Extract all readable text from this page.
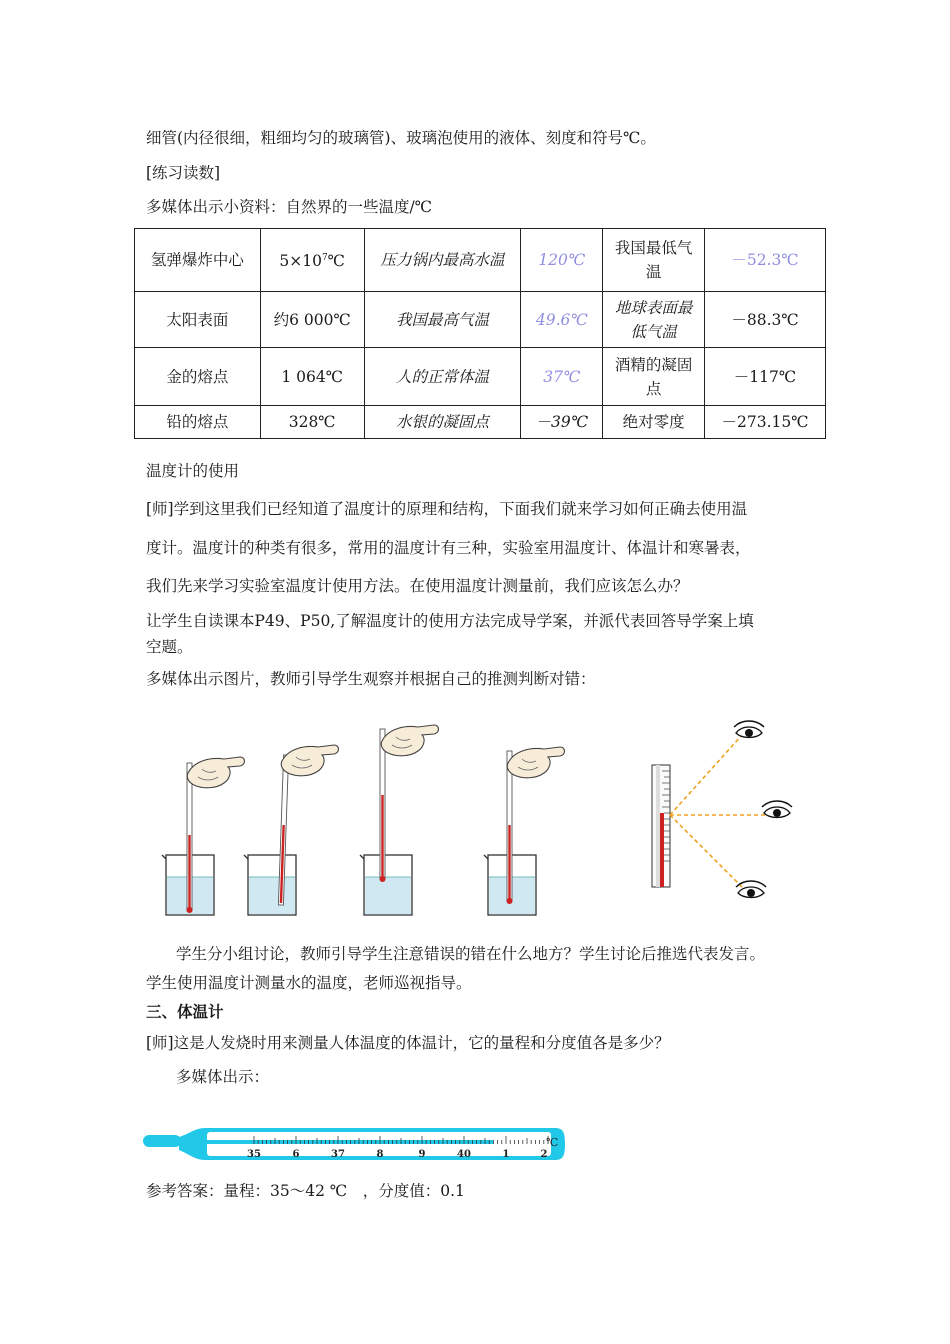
细管(内径很细，粗细均匀的玻璃管)、玻璃泡使用的液体、刻度和符号℃。
[练习读数]
多媒体出示小资料：自然界的一些温度/℃
氢弹爆炸中心	$5\times 10^7℃$	压力锅内最高水温	120℃	我国最低气温	－52.3℃
太阳表面	约6 000℃	我国最高气温	49.6℃	地球表面最低气温	－88.3℃
金的熔点	1 064℃	人的正常体温	37℃	酒精的凝固点	－117℃
铅的熔点	328℃	水银的凝固点	－39℃	绝对零度	－273.15℃
温度计的使用
[师]学到这里我们已经知道了温度计的原理和结构，下面我们就来学习如何正确去使用温
度计。温度计的种类有很多，常用的温度计有三种，实验室用温度计、体温计和寒暑表，
我们先来学习实验室温度计使用方法。在使用温度计测量前，我们应该怎么办？
让学生自读课本P49、P50,了解温度计的使用方法完成导学案，并派代表回答导学案上填
空题。
多媒体出示图片，教师引导学生观察并根据自己的推测判断对错：
学生分小组讨论，教师引导学生注意错误的错在什么地方？学生讨论后推选代表发言。
学生使用温度计测量水的温度，老师巡视指导。
三、体温计
[师]这是人发烧时用来测量人体温度的体温计，它的量程和分度值各是多少？
多媒体出示：
℃
35	6	37	8	9	40	1	2
参考答案：量程：35～42 ℃　，分度值：0.1
